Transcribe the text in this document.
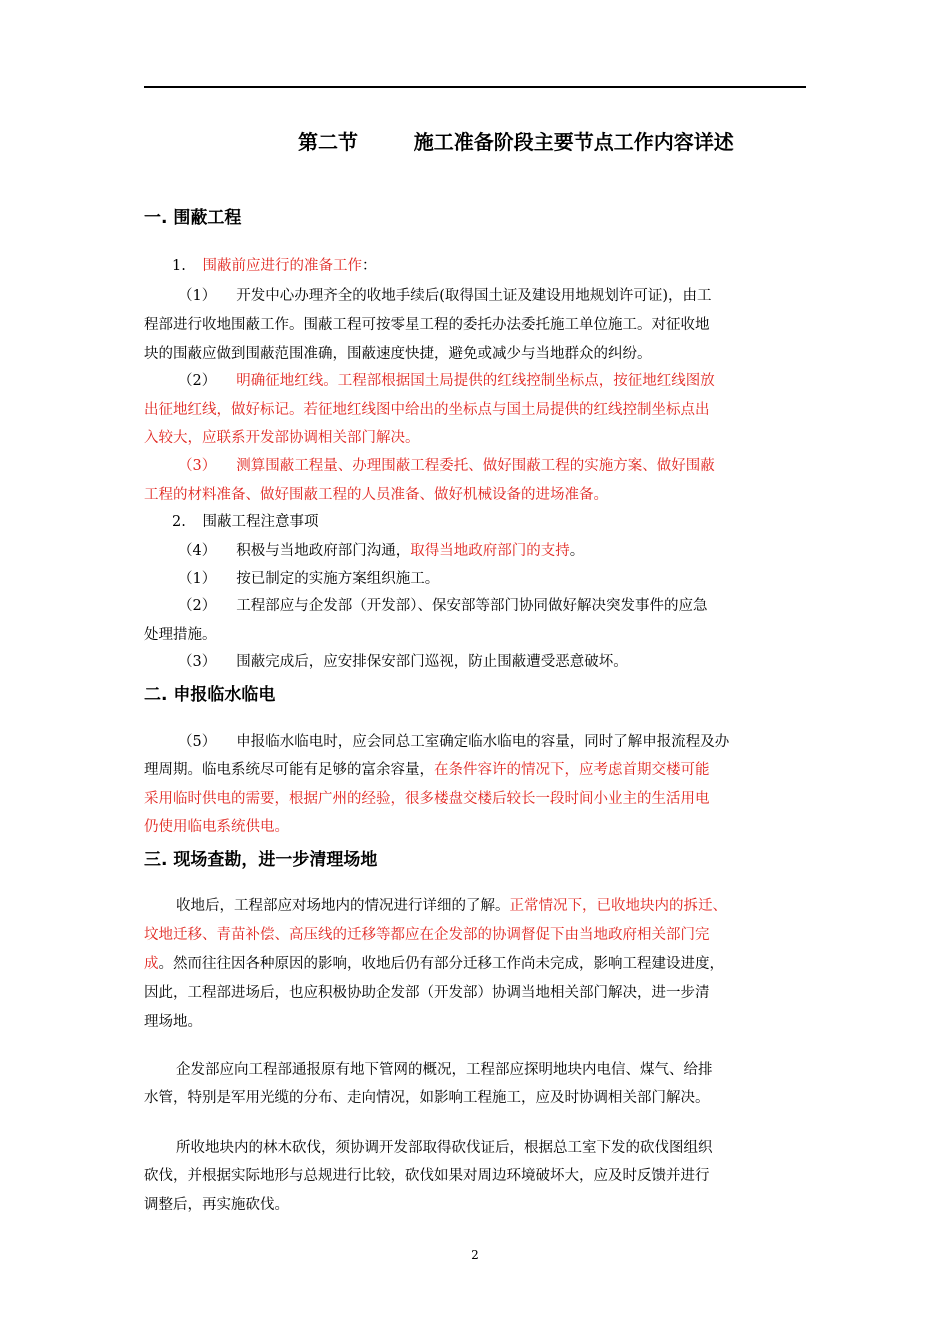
第二节        施工准备阶段主要节点工作内容详述
一. 围蔽工程
1. 围蔽前应进行的准备工作：
（1） 开发中心办理齐全的收地手续后(取得国土证及建设用地规划许可证)，由工
程部进行收地围蔽工作。围蔽工程可按零星工程的委托办法委托施工单位施工。对征收地
块的围蔽应做到围蔽范围准确，围蔽速度快捷，避免或减少与当地群众的纠纷。
（2） 明确征地红线。工程部根据国土局提供的红线控制坐标点，按征地红线图放
出征地红线，做好标记。若征地红线图中给出的坐标点与国土局提供的红线控制坐标点出
入较大，应联系开发部协调相关部门解决。
（3） 测算围蔽工程量、办理围蔽工程委托、做好围蔽工程的实施方案、做好围蔽
工程的材料准备、做好围蔽工程的人员准备、做好机械设备的进场准备。
2. 围蔽工程注意事项
（4） 积极与当地政府部门沟通，取得当地政府部门的支持。
（1） 按已制定的实施方案组织施工。
（2） 工程部应与企发部（开发部）、保安部等部门协同做好解决突发事件的应急
处理措施。
（3） 围蔽完成后，应安排保安部门巡视，防止围蔽遭受恶意破坏。
二. 申报临水临电
（5） 申报临水临电时，应会同总工室确定临水临电的容量，同时了解申报流程及办
理周期。临电系统尽可能有足够的富余容量，在条件容许的情况下，应考虑首期交楼可能
采用临时供电的需要，根据广州的经验，很多楼盘交楼后较长一段时间小业主的生活用电
仍使用临电系统供电。
三. 现场查勘，进一步清理场地
收地后，工程部应对场地内的情况进行详细的了解。正常情况下，已收地块内的拆迁、
坟地迁移、青苗补偿、高压线的迁移等都应在企发部的协调督促下由当地政府相关部门完
成。然而往往因各种原因的影响，收地后仍有部分迁移工作尚未完成，影响工程建设进度，
因此，工程部进场后，也应积极协助企发部（开发部）协调当地相关部门解决，进一步清
理场地。
企发部应向工程部通报原有地下管网的概况，工程部应探明地块内电信、煤气、给排
水管，特别是军用光缆的分布、走向情况，如影响工程施工，应及时协调相关部门解决。
所收地块内的林木砍伐，须协调开发部取得砍伐证后，根据总工室下发的砍伐图组织
砍伐，并根据实际地形与总规进行比较，砍伐如果对周边环境破坏大，应及时反馈并进行
调整后，再实施砍伐。
2
